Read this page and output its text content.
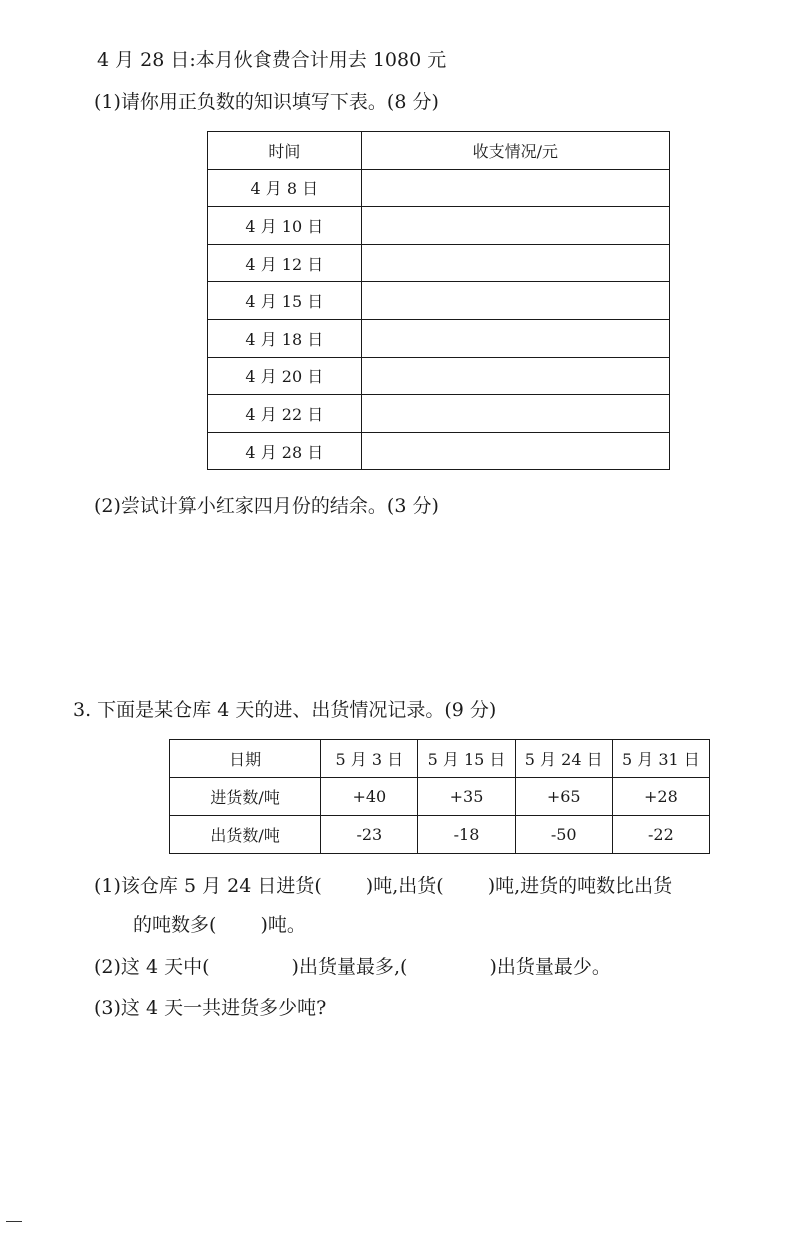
4 月 28 日:本月伙食费合计用去 1080 元
(1)请你用正负数的知识填写下表。(8 分)
时间	收支情况/元
4 月 8 日	
4 月 10 日	
4 月 12 日	
4 月 15 日	
4 月 18 日	
4 月 20 日	
4 月 22 日	
4 月 28 日	
(2)尝试计算小红家四月份的结余。(3 分)
3. 下面是某仓库 4 天的进、出货情况记录。(9 分)
日期	5 月 3 日	5 月 15 日	5 月 24 日	5 月 31 日
进货数/吨	+40	+35	+65	+28
出货数/吨	-23	-18	-50	-22
(1)该仓库 5 月 24 日进货(　　 )吨,出货(　　 )吨,进货的吨数比出货
的吨数多(　　 )吨。
(2)这 4 天中(　　　　 )出货量最多,(　　　　 )出货量最少。
(3)这 4 天一共进货多少吨?
